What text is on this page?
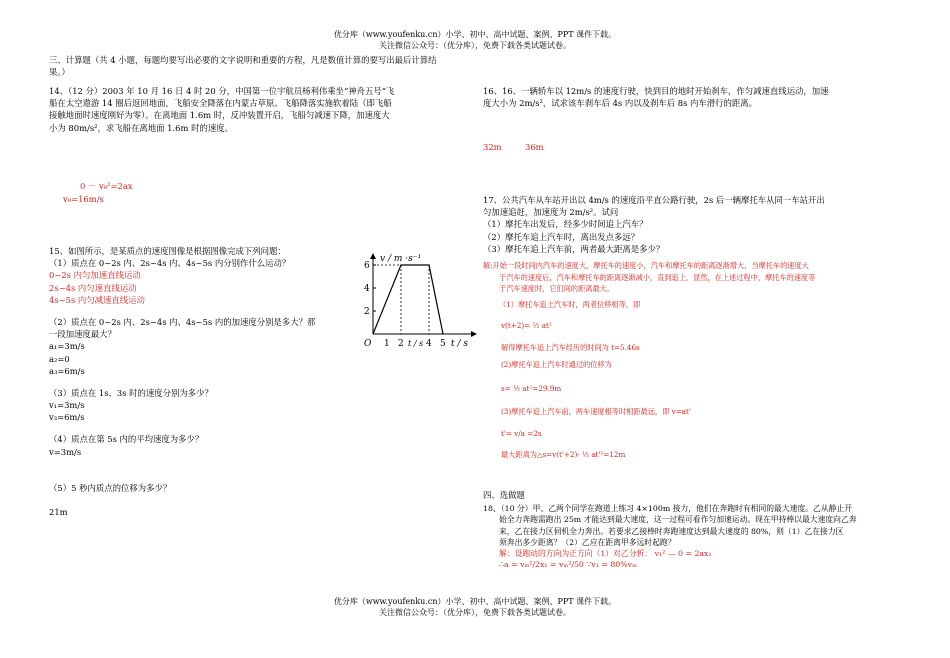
优分库（www.youfenku.cn）小学、初中、高中试题、案例、PPT 课件下载。
关注微信公众号：（优分库），免费下载各类试题试卷。
三、计算题（共 4 小题，每题均要写出必要的文字说明和重要的方程，凡是数值计算的要写出最后计算结
果。）
14、（12 分）2003 年 10 月 16 日 4 时 20 分，中国第一位宇航员杨利伟乘坐“神舟五号”飞
船在太空遨游 14 圈后返回地面，飞船安全降落在内蒙古草原。飞船降落实施软着陆（即飞船
接触地面时速度刚好为零）。在离地面 1.6m 时，反冲装置开启，飞船匀减速下降，加速度大
小为 80m/s²，求飞船在离地面 1.6m 时的速度。
0 － v₀²=2ax
v₀=16m/s
15、如图所示，是某质点的速度图像是根据图像完成下列问题：
（1）质点在 0~2s 内、2s~4s 内、4s~5s 内分别作什么运动？
0~2s 内匀加速直线运动
2s~4s 内匀速直线运动
4s~5s 内匀减速直线运动
（2）质点在 0~2s 内、2s~4s 内、4s~5s 内的加速度分别是多大？那
一段加速度最大？
a₁=3m/s
a₂=0
a₃=6m/s
（3）质点在 1s、3s 时的速度分别为多少？
v₁=3m/s
v₃=6m/s
（4）质点在第 5s 内的平均速度为多少？
v=3m/s
（5）5 秒内质点的位移为多少？
21m
v / m ·s⁻¹
t / s
O
2
4
6
1 2 4 5
t / s
16、16、一辆轿车以 12m/s 的速度行驶，快到目的地时开始刹车，作匀减速直线运动，加速
度大小为 2m/s²，试求该车刹车后 4s 内以及刹车后 8s 内车滑行的距离。
32m	36m
17、公共汽车从车站开出以 4m/s 的速度沿平直公路行驶，2s 后一辆摩托车从同一车站开出
匀加速追赶，加速度为 2m/s²。试问
（1）摩托车出发后，经多少时间追上汽车？
（2）摩托车追上汽车时，离出发点多远？
（3）摩托车追上汽车前，两者最大距离是多少？
解:开始一段时间内汽车的速度大，摩托车的速度小，汽车和摩托车的距离逐渐增大，当摩托车的速度大
于汽车的速度后，汽车和摩托车的距离逐渐减小，直到追上，显然，在上述过程中，摩托车的速度等
于汽车速度时，它们间的距离最大。
（1）摩托车追上汽车时，两者位移相等，即
v(t+2)= ½ at²
解得摩托车追上汽车经历的时间为 t=5.46s
(2)摩托车追上汽车时通过的位移为
s= ½ at²=29.9m
(3)摩托车追上汽车前，两车速度相等时相距最远，即 v=at'
t'= v/a =2s
最大距离为△s=v(t'+2)- ½ at'²=12m
四、选做题
18、（10 分）甲、乙两个同学在跑道上练习 4×100m 接力，他们在奔跑时有相同的最大速度。乙从静止开
始全力奔跑需跑出 25m 才能达到最大速度，这一过程可看作匀加速运动。现在甲持棒以最大速度向乙奔
来，乙在接力区伺机全力奔出。若要求乙接棒时奔跑速度达到最大速度的 80%，则（1）乙在接力区
须奔出多少距离？（2）乙应在距离甲多远时起跑？
解：设跑动的方向为正方向（1）对乙分析： v₁² — 0 = 2ax₁
∴a = vₘ²/2x₁ = vₘ²/50 ∵v₁ = 80%vₘ
优分库（www.youfenku.cn）小学、初中、高中试题、案例、PPT 课件下载。
关注微信公众号：（优分库），免费下载各类试题试卷。
